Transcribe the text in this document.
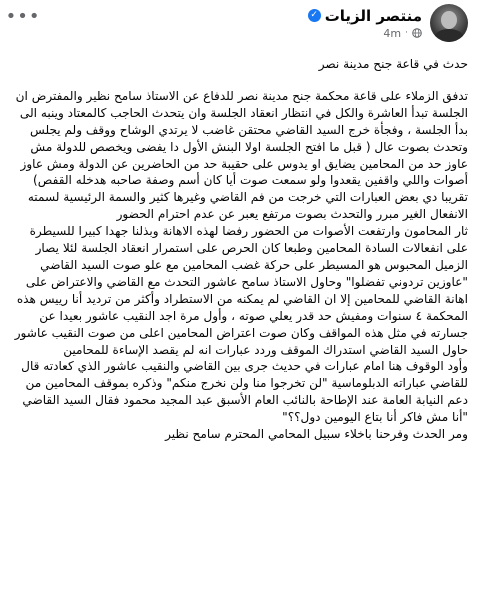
•••	منتصر الزيات
✓
4m ·

حدث في قاعة جنح مدينة نصر

تدفق الزملاء على قاعة محكمة جنح مدينة نصر للدفاع عن الاستاذ سامح نظير والمفترض ان الجلسة تبدأ العاشرة والكل في انتظار انعقاد الجلسة وان يتحدث الحاجب كالمعتاد وينبه الى بدأ الجلسة ، وفجأة خرج السيد القاضي محتقن غاضب لا يرتدي الوشاح ووقف ولم يجلس وتحدث بصوت عال ( قبل ما افتح الجلسة اولا البنش الأول دا يفضى ويخصص للدولة مش عاوز حد من المحامين يضايق او يدوس على حقيبة حد من الحاضرين عن الدولة ومش عاوز أصوات واللي واقفين يقعدوا ولو سمعت صوت أيا كان أسم وصفة صاحبه هدخله القفص) تقريبا دي بعض العبارات التي خرجت من فم القاضي وغيرها كثير والسمة الرئيسية لسمته الانفعال الغير مبرر والتحدث بصوت مرتفع يعبر عن عدم احترام الحضور

ثار المحامون وارتفعت الأصوات من الحضور رفضا لهذه الاهانة وبذلنا جهدا كبيرا للسيطرة على انفعالات السادة المحامين وطبعا كان الحرص على استمرار انعقاد الجلسة لئلا يصار الزميل المحبوس هو المسيطر على حركة غضب المحامين مع علو صوت السيد القاضي "عاوزين تردوني تفضلوا" وحاول الاستاذ سامح عاشور التحدث مع القاضي والاعتراض على اهانة القاضي للمحامين إلا ان القاضي لم يمكنه من الاستطراد وأكثر من ترديد أنا رييس هذه المحكمة ٤ سنوات ومفيش حد قدر يعلي صوته ، وأول مرة اجد النقيب عاشور بعيدا عن جسارته في مثل هذه المواقف وكان صوت اعتراض المحامين اعلى من صوت النقيب عاشور

حاول السيد القاضي استدراك الموقف وردد عبارات انه لم يقصد الإساءة للمحامين

وأود الوقوف هنا امام عبارات في حديث جرى بين القاضي والنقيب عاشور الذي كعادته قال للقاضي عباراته الدبلوماسية "لن تخرجوا منا ولن نخرج منكم" وذكره بموقف المحامين من دعم النيابة العامة عند الإطاحة بالنائب العام الأسبق عبد المجيد محمود فقال السيد القاضي "أنا مش فاكر أنا بتاع اليومين دول؟؟"

ومر الحدث وفرحنا باخلاء سبيل المحامي المحترم سامح نظير
